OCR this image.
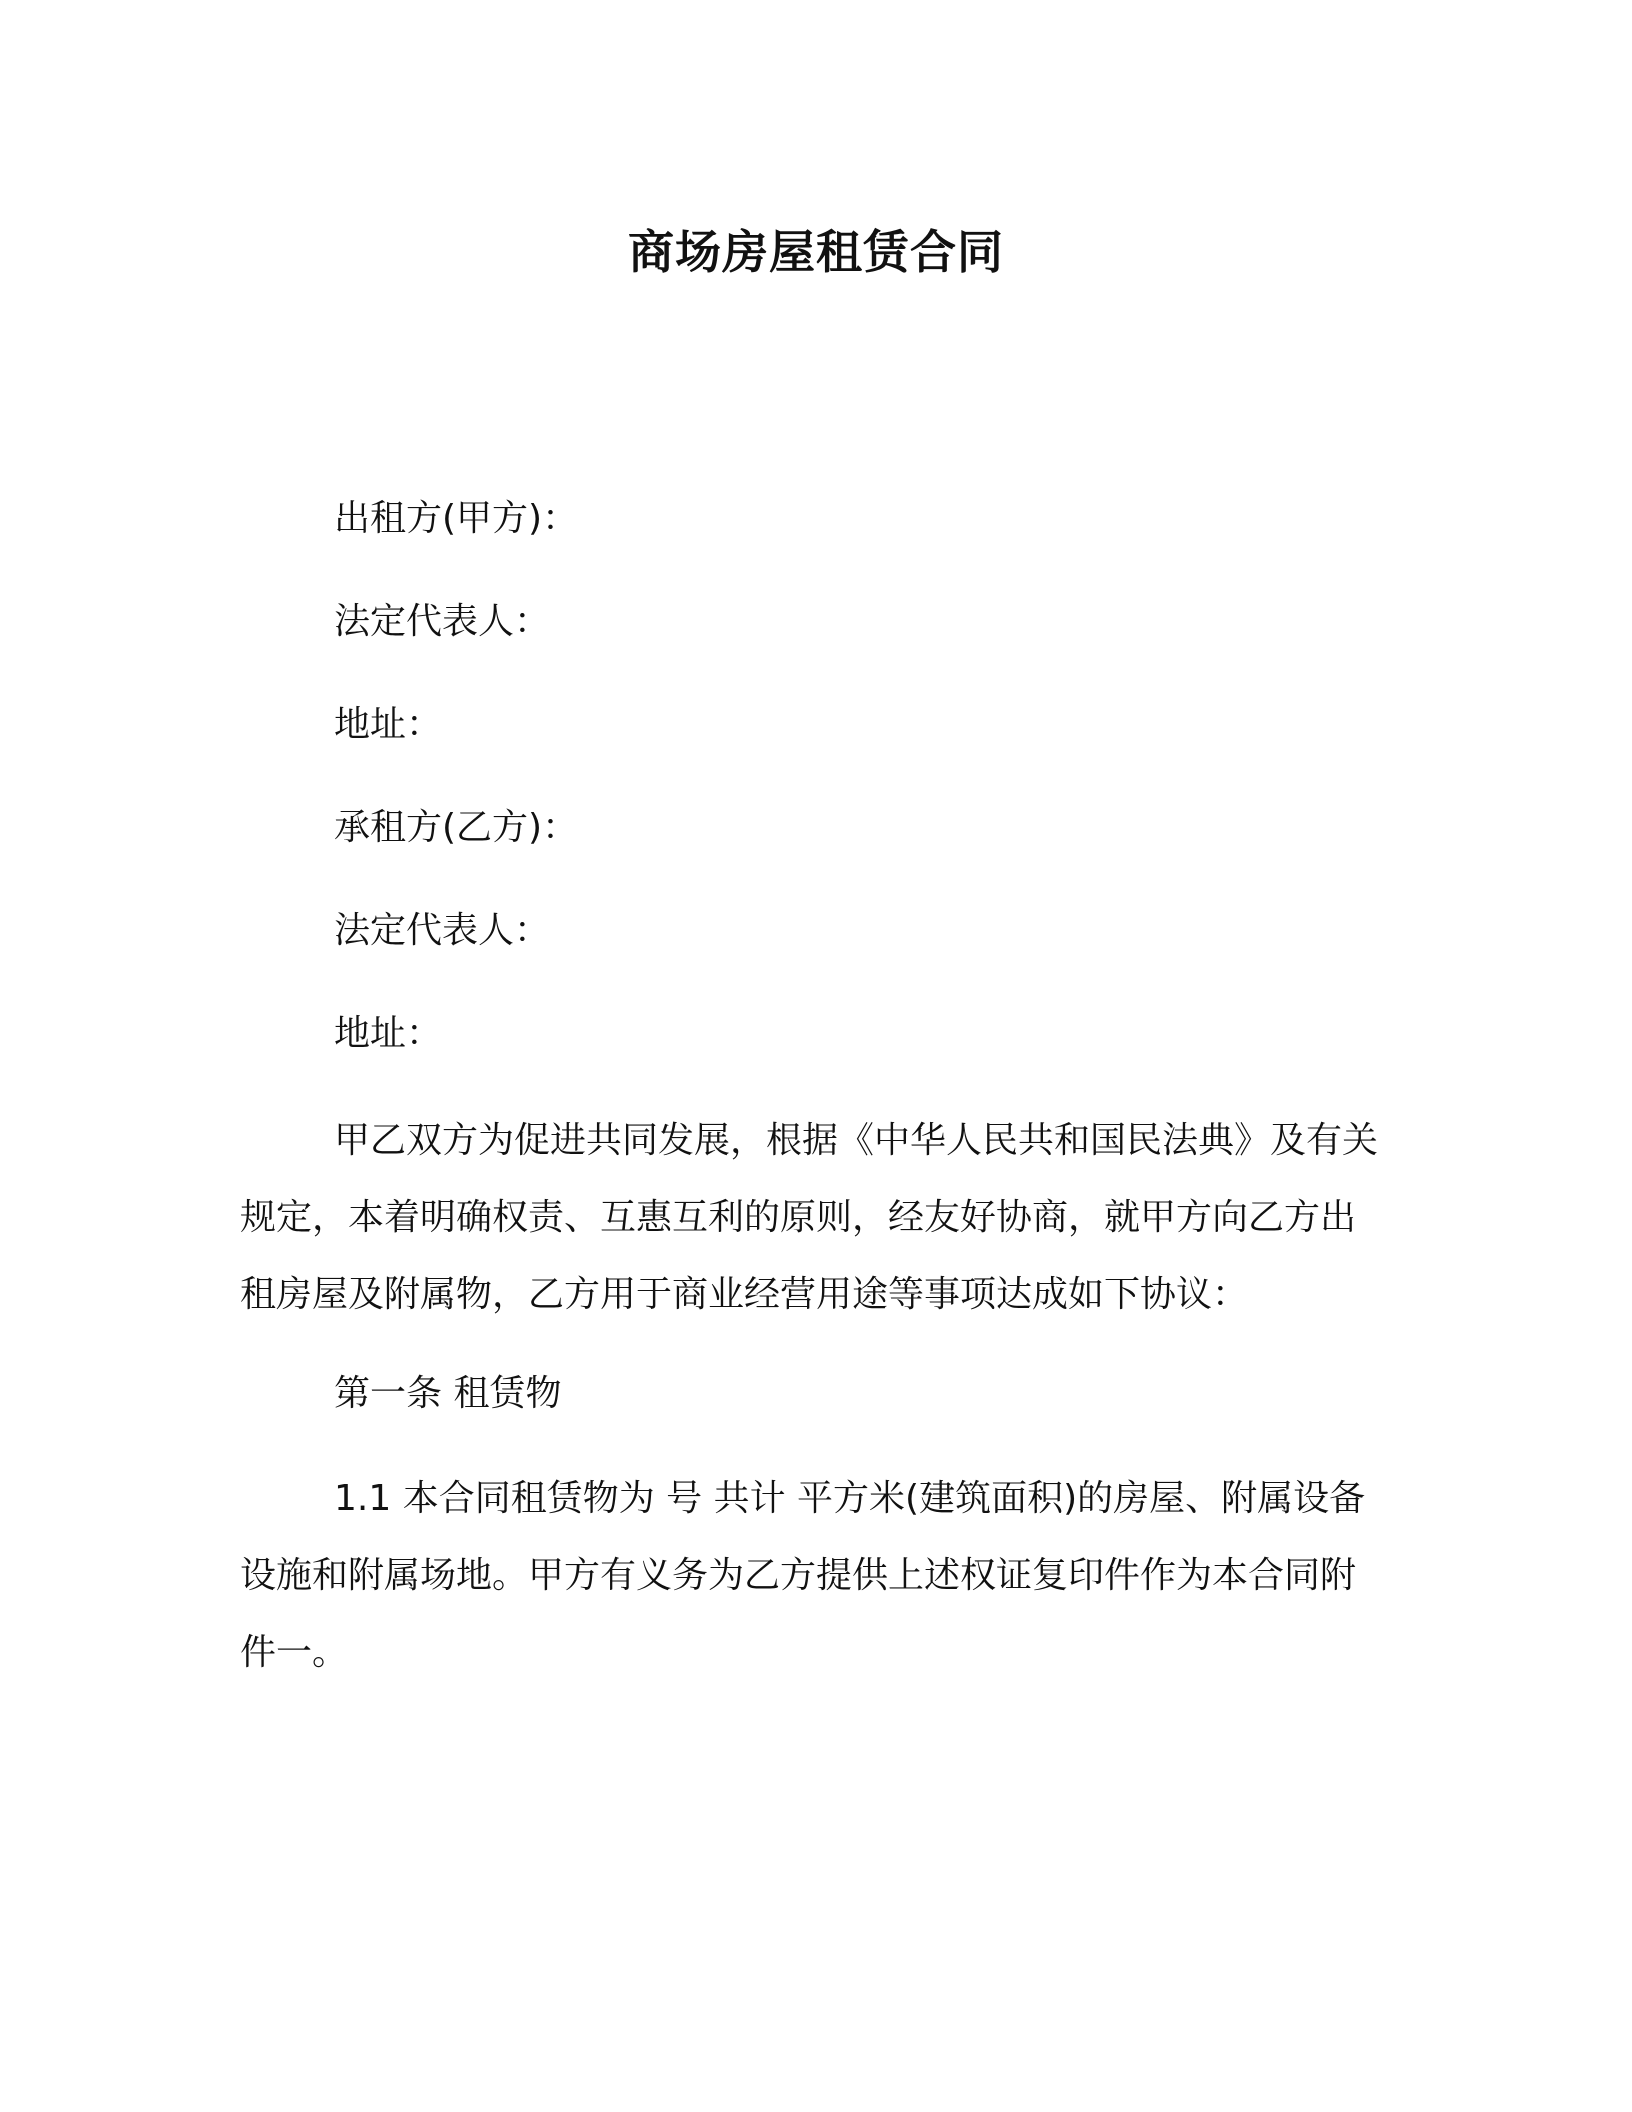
商场房屋租赁合同
出租方(甲方)：
法定代表人：
地址：
承租方(乙方)：
法定代表人：
地址：

甲乙双方为促进共同发展，根据《中华人民共和国民法典》及有关规定，本着明确权责、互惠互利的原则，经友好协商，就甲方向乙方出租房屋及附属物，乙方用于商业经营用途等事项达成如下协议：

第一条 租赁物

1.1 本合同租赁物为 号 共计 平方米(建筑面积)的房屋、附属设备设施和附属场地。甲方有义务为乙方提供上述权证复印件作为本合同附件一。
